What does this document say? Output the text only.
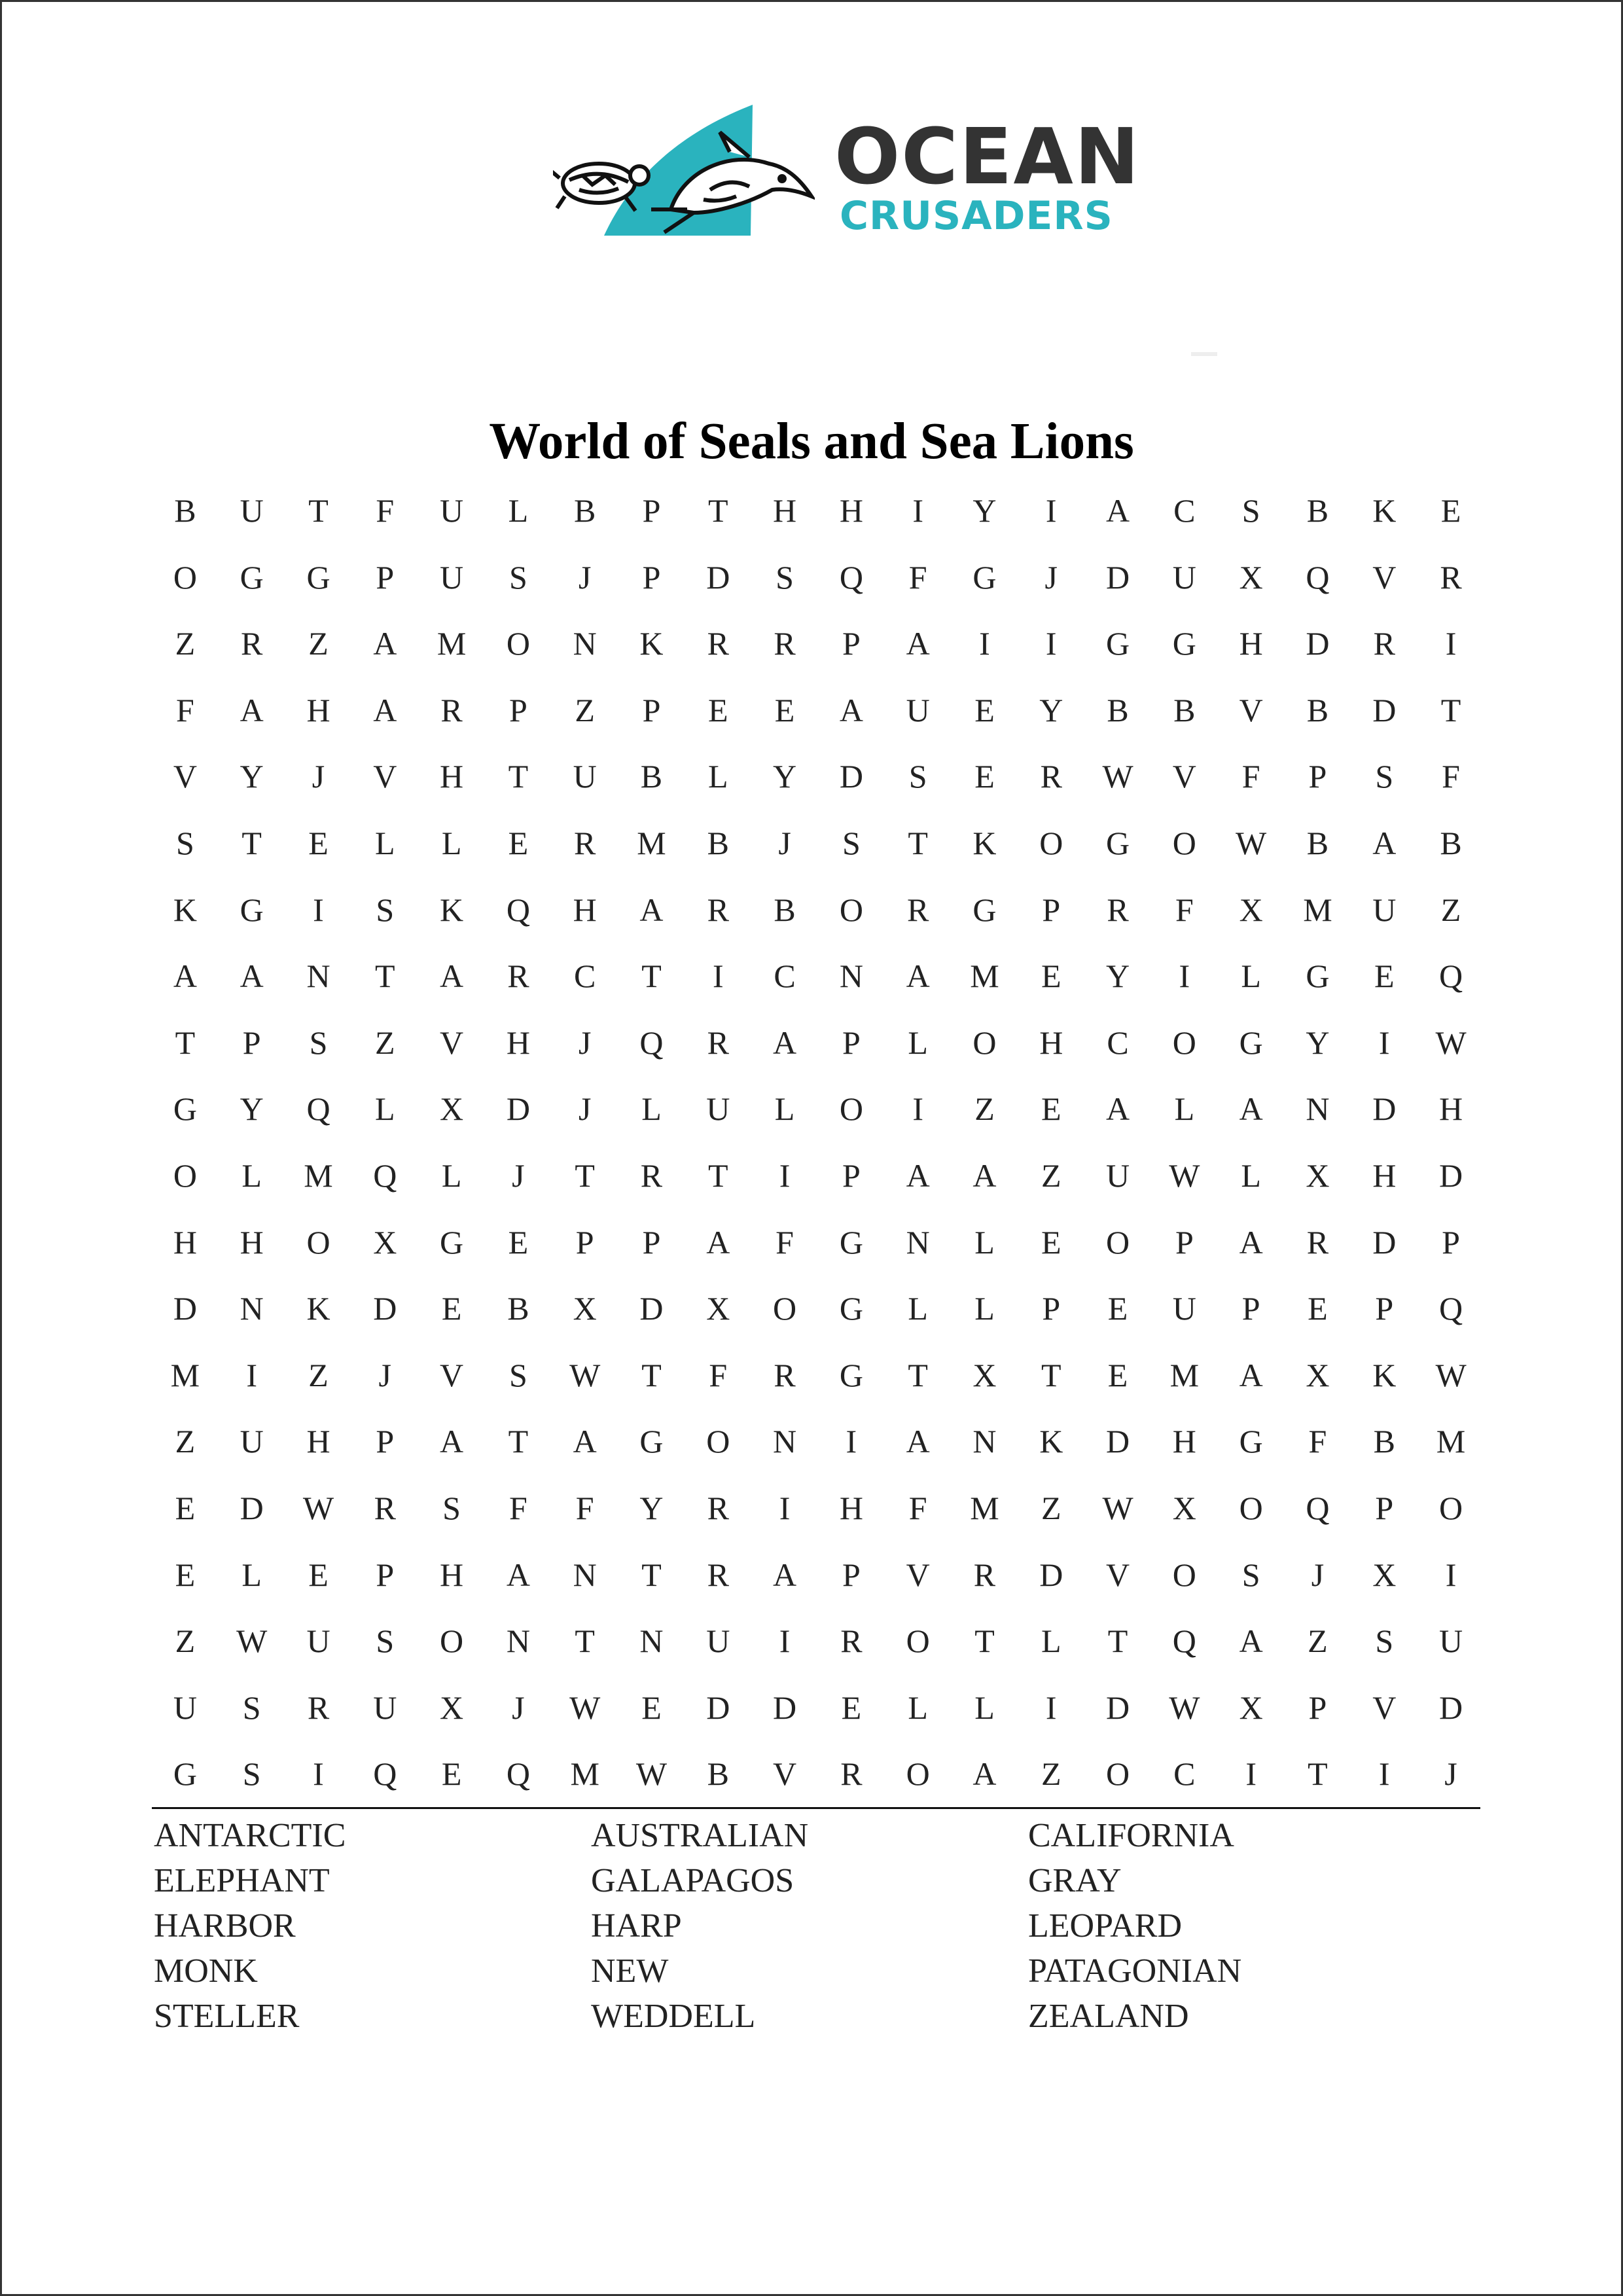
OCEAN
CRUSADERS
World of Seals and Sea Lions
B	U	T	F	U	L	B	P	T	H	H	I	Y	I	A	C	S	B	K	E
O	G	G	P	U	S	J	P	D	S	Q	F	G	J	D	U	X	Q	V	R
Z	R	Z	A	M	O	N	K	R	R	P	A	I	I	G	G	H	D	R	I
F	A	H	A	R	P	Z	P	E	E	A	U	E	Y	B	B	V	B	D	T
V	Y	J	V	H	T	U	B	L	Y	D	S	E	R	W	V	F	P	S	F
S	T	E	L	L	E	R	M	B	J	S	T	K	O	G	O	W	B	A	B
K	G	I	S	K	Q	H	A	R	B	O	R	G	P	R	F	X	M	U	Z
A	A	N	T	A	R	C	T	I	C	N	A	M	E	Y	I	L	G	E	Q
T	P	S	Z	V	H	J	Q	R	A	P	L	O	H	C	O	G	Y	I	W
G	Y	Q	L	X	D	J	L	U	L	O	I	Z	E	A	L	A	N	D	H
O	L	M	Q	L	J	T	R	T	I	P	A	A	Z	U	W	L	X	H	D
H	H	O	X	G	E	P	P	A	F	G	N	L	E	O	P	A	R	D	P
D	N	K	D	E	B	X	D	X	O	G	L	L	P	E	U	P	E	P	Q
M	I	Z	J	V	S	W	T	F	R	G	T	X	T	E	M	A	X	K	W
Z	U	H	P	A	T	A	G	O	N	I	A	N	K	D	H	G	F	B	M
E	D	W	R	S	F	F	Y	R	I	H	F	M	Z	W	X	O	Q	P	O
E	L	E	P	H	A	N	T	R	A	P	V	R	D	V	O	S	J	X	I
Z	W	U	S	O	N	T	N	U	I	R	O	T	L	T	Q	A	Z	S	U
U	S	R	U	X	J	W	E	D	D	E	L	L	I	D	W	X	P	V	D
G	S	I	Q	E	Q	M	W	B	V	R	O	A	Z	O	C	I	T	I	J
ANTARCTIC	AUSTRALIAN	CALIFORNIA
ELEPHANT	GALAPAGOS	GRAY
HARBOR	HARP	LEOPARD
MONK	NEW	PATAGONIAN
STELLER	WEDDELL	ZEALAND
